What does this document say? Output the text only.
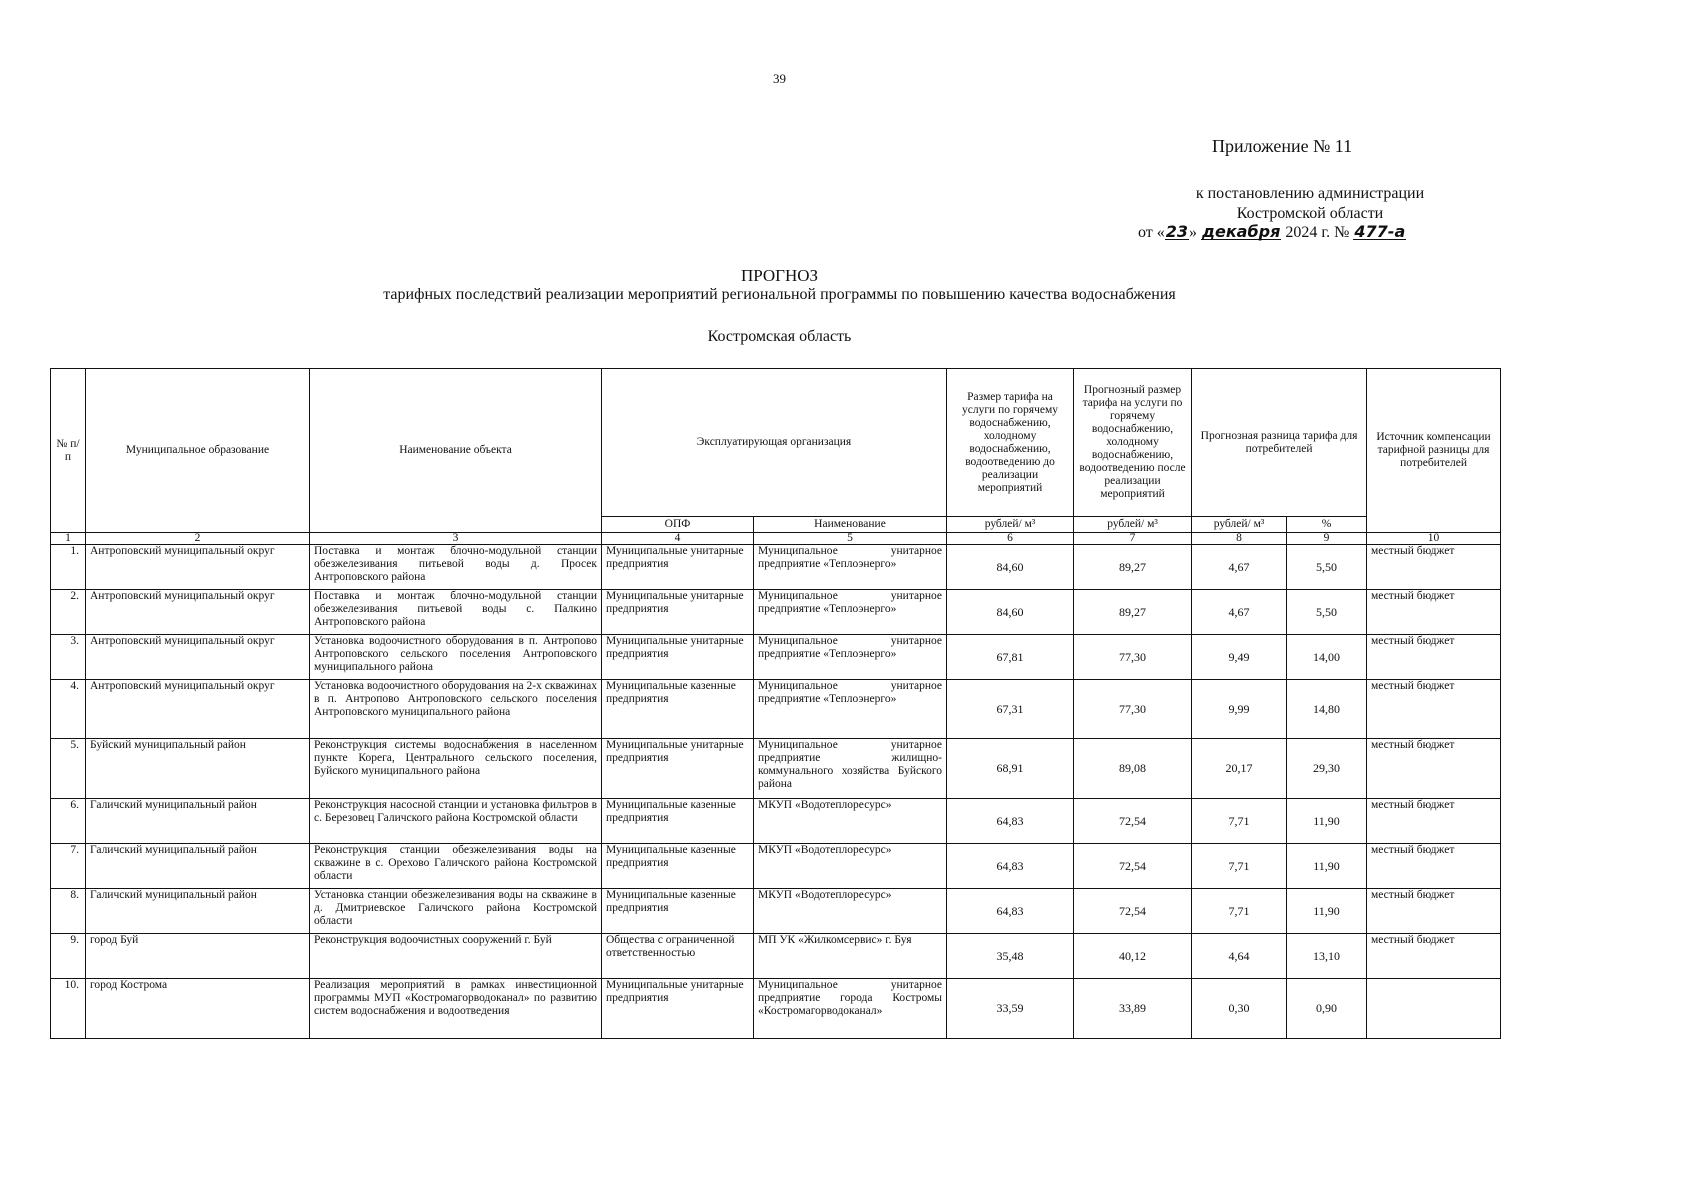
39
Приложение № 11
к постановлению администрации
Костромской области
от «23» декабря 2024 г. № 477-а
ПРОГНОЗ
тарифных последствий реализации мероприятий региональной программы по повышению качества водоснабжения
Костромская область
№ п/п	Муниципальное образование	Наименование объекта	Эксплуатирующая организация		Размер тарифа на услуги по горячему водоснабжению, холодному водоснабжению, водоотведению до реализации мероприятий	Прогнозный размер тарифа на услуги по горячему водоснабжению, холодному водоснабжению, водоотведению после реализации мероприятий	Прогнозная разница тарифа для потребителей		Источник компенсации тарифной разницы для потребителей
			ОПФ	Наименование	рублей/ м³	рублей/ м³	рублей/ м³	%	
1	2	3	4	5	6	7	8	9	10
1.	Антроповский муниципальный округ	Поставка и монтаж блочно-модульной станции обезжелезивания питьевой воды д. Просек Антроповского района	Муниципальные унитарные предприятия	Муниципальное унитарное предприятие «Теплоэнерго»	84,60	89,27	4,67	5,50	местный бюджет
2.	Антроповский муниципальный округ	Поставка и монтаж блочно-модульной станции обезжелезивания питьевой воды с. Палкино Антроповского района	Муниципальные унитарные предприятия	Муниципальное унитарное предприятие «Теплоэнерго»	84,60	89,27	4,67	5,50	местный бюджет
3.	Антроповский муниципальный округ	Установка водоочистного оборудования в п. Антропово Антроповского сельского поселения Антроповского муниципального района	Муниципальные унитарные предприятия	Муниципальное унитарное предприятие «Теплоэнерго»	67,81	77,30	9,49	14,00	местный бюджет
4.	Антроповский муниципальный округ	Установка водоочистного оборудования на 2-х скважинах в п. Антропово Антроповского сельского поселения Антроповского муниципального района	Муниципальные казенные предприятия	Муниципальное унитарное предприятие «Теплоэнерго»	67,31	77,30	9,99	14,80	местный бюджет
5.	Буйский муниципальный район	Реконструкция системы водоснабжения в населенном пункте Корега, Центрального сельского поселения, Буйского муниципального района	Муниципальные унитарные предприятия	Муниципальное унитарное предприятие жилищно-коммунального хозяйства Буйского района	68,91	89,08	20,17	29,30	местный бюджет
6.	Галичский муниципальный район	Реконструкция насосной станции и установка фильтров в с. Березовец Галичского района Костромской области	Муниципальные казенные предприятия	МКУП «Водотеплоресурс»	64,83	72,54	7,71	11,90	местный бюджет
7.	Галичский муниципальный район	Реконструкция станции обезжелезивания воды на скважине в с. Орехово Галичского района Костромской области	Муниципальные казенные предприятия	МКУП «Водотеплоресурс»	64,83	72,54	7,71	11,90	местный бюджет
8.	Галичский муниципальный район	Установка станции обезжелезивания воды на скважине в д. Дмитриевское Галичского района Костромской области	Муниципальные казенные предприятия	МКУП «Водотеплоресурс»	64,83	72,54	7,71	11,90	местный бюджет
9.	город Буй	Реконструкция водоочистных сооружений г. Буй	Общества с ограниченной ответственностью	МП УК «Жилкомсервис» г. Буя	35,48	40,12	4,64	13,10	местный бюджет
10.	город Кострома	Реализация мероприятий в рамках инвестиционной программы МУП «Костромагорводоканал» по развитию систем водоснабжения и водоотведения	Муниципальные унитарные предприятия	Муниципальное унитарное предприятие города Костромы «Костромагорводоканал»	33,59	33,89	0,30	0,90	
